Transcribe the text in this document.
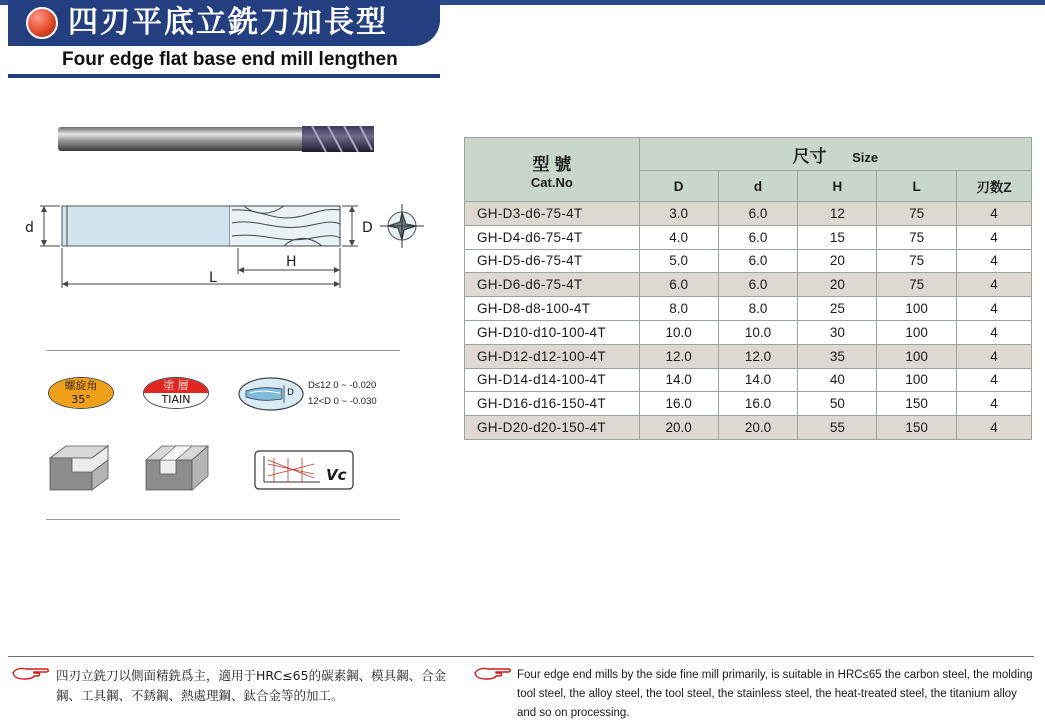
四刃平底立銑刀加長型
Four edge flat base end mill lengthen
d	D
H
L
螺旋角
35°
塗 層
TIAIN	D
D≤12 0 ~ -0.020
12<D 0 ~ -0.030
Vc
型 號
Cat.No	尺寸 Size				
	D	d	H	L	刃数Z
GH-D3-d6-75-4T	3.0	6.0	12	75	4
GH-D4-d6-75-4T	4.0	6.0	15	75	4
GH-D5-d6-75-4T	5.0	6.0	20	75	4
GH-D6-d6-75-4T	6.0	6.0	20	75	4
GH-D8-d8-100-4T	8.0	8.0	25	100	4
GH-D10-d10-100-4T	10.0	10.0	30	100	4
GH-D12-d12-100-4T	12.0	12.0	35	100	4
GH-D14-d14-100-4T	14.0	14.0	40	100	4
GH-D16-d16-150-4T	16.0	16.0	50	150	4
GH-D20-d20-150-4T	20.0	20.0	55	150	4
四刃立銑刀以側面精銑爲主，適用于HRC≤65的碳素鋼、模具鋼、合金鋼、工具鋼、不銹鋼、熱處理鋼、鈦合金等的加工。
Four edge end mills by the side fine mill primarily, is suitable in HRC≤65 the carbon steel, the molding tool steel, the alloy steel, the tool steel, the stainless steel, the heat-treated steel, the titanium alloy and so on processing.
